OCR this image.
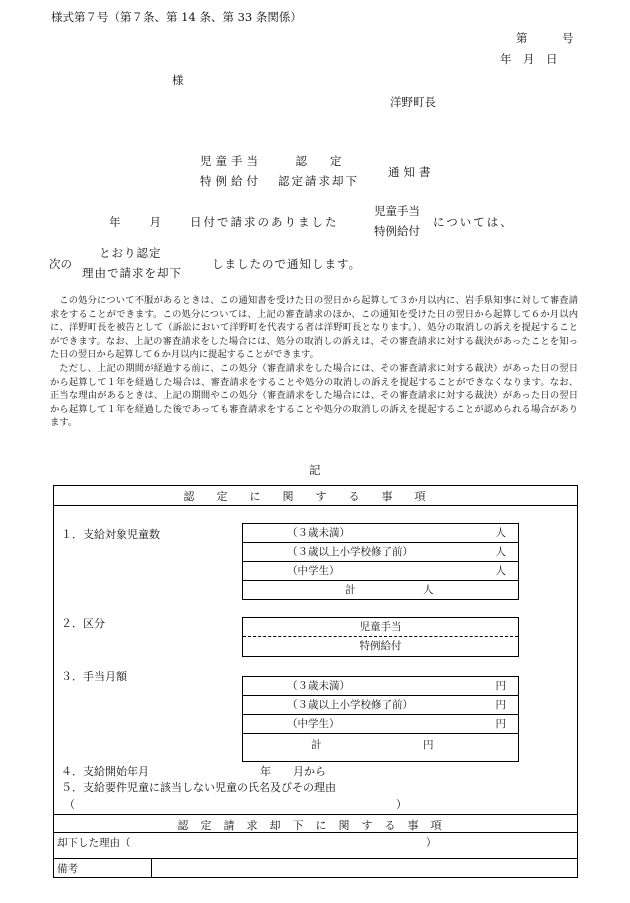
様式第７号（第７条、第 14 条、第 33 条関係）
第　　　号
年　月　日
様
洋野町長
児童手当
特例給付
認　　定
認定請求却下
通知書
年　　月　　日付で請求のありました
児童手当
特例給付
については、
次の
とおり認定
理由で請求を却下
しましたので通知します。

この処分について不服があるときは、この通知書を受けた日の翌日から起算して３か月以内に、岩手県知事に対して審査請求をすることができます。この処分については、上記の審査請求のほか、この通知を受けた日の翌日から起算して６か月以内に、洋野町長を被告として（訴訟において洋野町を代表する者は洋野町長となります。）、処分の取消しの訴えを提起することができます。なお、上記の審査請求をした場合には、処分の取消しの訴えは、その審査請求に対する裁決があったことを知った日の翌日から起算して６か月以内に提起することができます。

ただし、上記の期間が経過する前に、この処分（審査請求をした場合には、その審査請求に対する裁決）があった日の翌日から起算して１年を経過した場合は、審査請求をすることや処分の取消しの訴えを提起することができなくなります。なお、正当な理由があるときは、上記の期間やこの処分（審査請求をした場合には、その審査請求に対する裁決）があった日の翌日から起算して１年を経過した後であっても審査請求をすることや処分の取消しの訴えを提起することが認められる場合があります。

記
認定に関する事項
１．支給対象児童数	（３歳未満）	人
（３歳以上小学校修了前）	人
（中学生）	人
計	人
２．区分	児童手当
特例給付
３．手当月額
（３歳未満）	円
（３歳以上小学校修了前）	円
（中学生）	円
計	円
４．支給開始年月	年　　月から
５．支給要件児童に該当しない児童の氏名及びその理由
（	）
認定請求却下に関する事項
却下した理由（	）
備考
